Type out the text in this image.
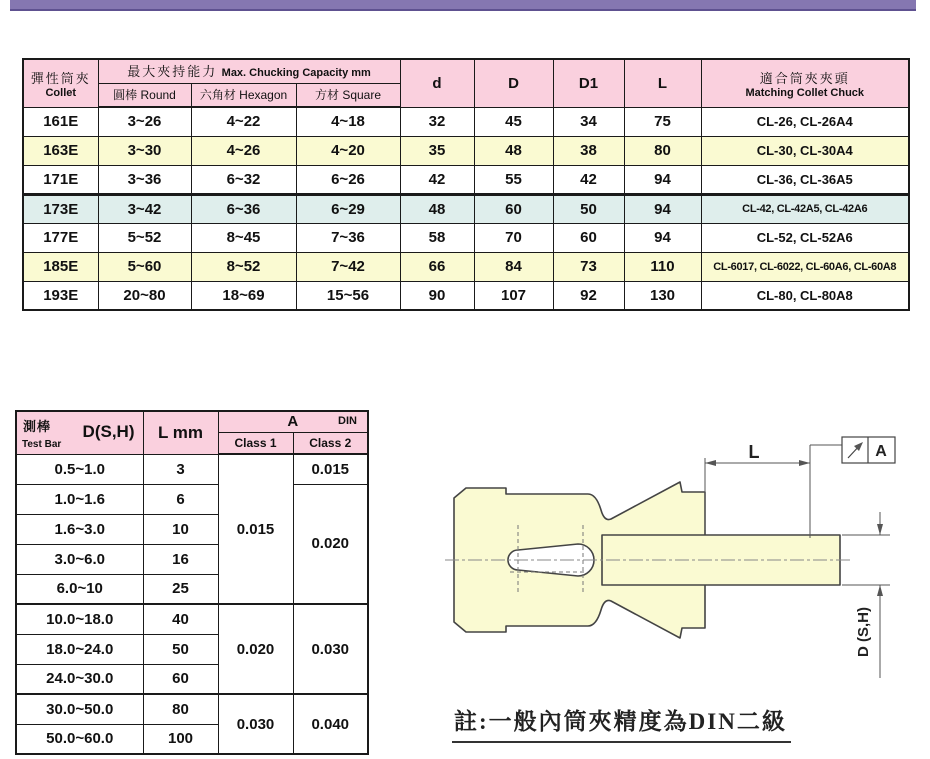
彈性筒夾
Collet
	最大夾持能力 Max. Chucking Capacity mm	d	D	D1	L	適合筒夾夾頭
Matching Collet Chuck

	圓棒 Round	六角材 Hexagon	方材 Square					
161E	3~26	4~22	4~18	32	45	34	75	CL-26, CL-26A4
163E	3~30	4~26	4~20	35	48	38	80	CL-30, CL-30A4
171E	3~36	6~32	6~26	42	55	42	94	CL-36, CL-36A5
173E	3~42	6~36	6~29	48	60	50	94	CL-42, CL-42A5, CL-42A6
177E	5~52	8~45	7~36	58	70	60	94	CL-52, CL-52A6
185E	5~60	8~52	7~42	66	84	73	110	CL-6017, CL-6022, CL-60A6, CL-60A8
193E	20~80	18~69	15~56	90	107	92	130	CL-80, CL-80A8
測棒
Test Bar
D(S,H)	L mm	A DIN	

		Class 1	Class 2
0.5~1.0	3	0.015	0.015
1.0~1.6	6		0.020
1.6~3.0	10		
3.0~6.0	16		
6.0~10	25		
10.0~18.0	40	0.020	0.030
18.0~24.0	50		
24.0~30.0	60		
30.0~50.0	80	0.030	0.040
50.0~60.0	100		
L	A
D (S,H)
註:一般內筒夾精度為DIN二級
